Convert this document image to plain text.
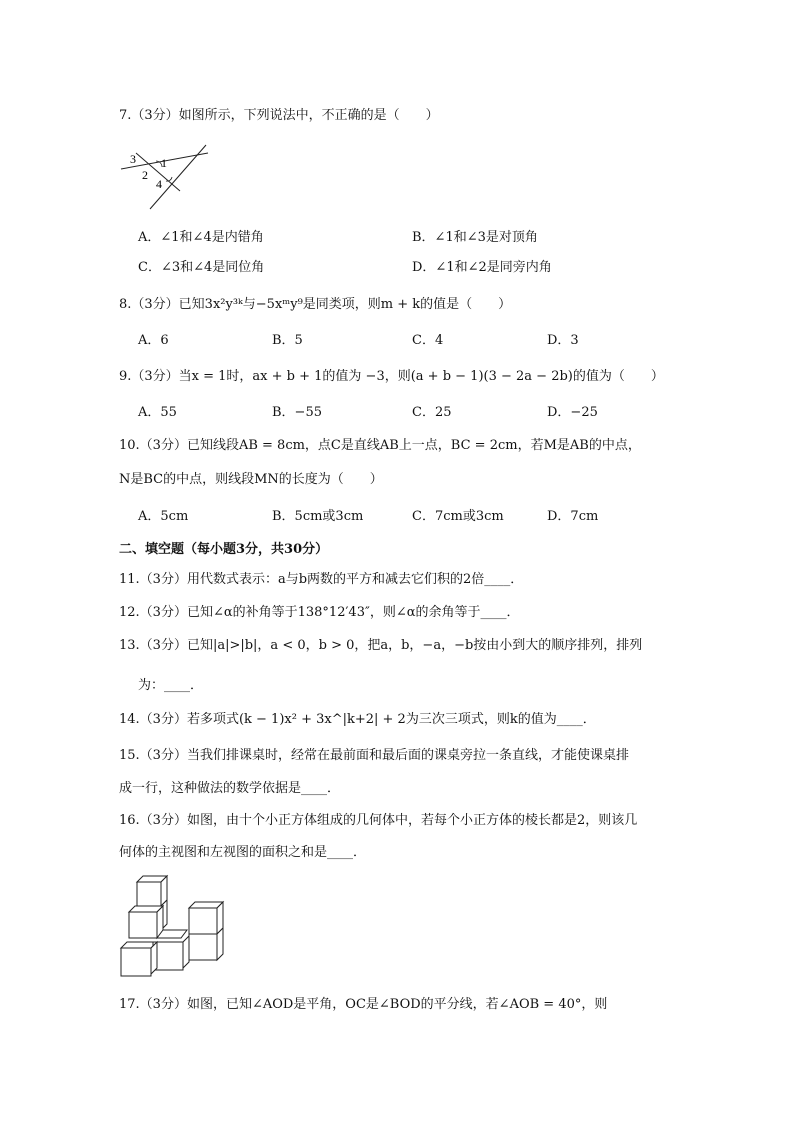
7.（3分）如图所示，下列说法中，不正确的是（　　）
3 1
2
4
A．∠1和∠4是内错角	B．∠1和∠3是对顶角
C．∠3和∠4是同位角	D．∠1和∠2是同旁内角
8.（3分）已知3x²y³ᵏ与−5xᵐy⁹是同类项，则m + k的值是（　　）
A．6	B．5	C．4	D．3
9.（3分）当x = 1时，ax + b + 1的值为 −3，则(a + b − 1)(3 − 2a − 2b)的值为（　　）
A．55	B．−55	C．25	D．−25
10.（3分）已知线段AB = 8cm，点C是直线AB上一点，BC = 2cm，若M是AB的中点，
N是BC的中点，则线段MN的长度为（　　）
A．5cm	B．5cm或3cm	C．7cm或3cm	D．7cm
二、填空题（每小题3分，共30分）
11.（3分）用代数式表示：a与b两数的平方和减去它们积的2倍____．
12.（3分）已知∠α的补角等于138°12′43″，则∠α的余角等于____．
13.（3分）已知|a|>|b|，a < 0，b > 0，把a，b，−a，−b按由小到大的顺序排列，排列
为：____．
14.（3分）若多项式(k − 1)x² + 3x^|k+2| + 2为三次三项式，则k的值为____．
15.（3分）当我们排课桌时，经常在最前面和最后面的课桌旁拉一条直线，才能使课桌排
成一行，这种做法的数学依据是____．
16.（3分）如图，由十个小正方体组成的几何体中，若每个小正方体的棱长都是2，则该几
何体的主视图和左视图的面积之和是____．
17.（3分）如图，已知∠AOD是平角，OC是∠BOD的平分线，若∠AOB = 40°，则
